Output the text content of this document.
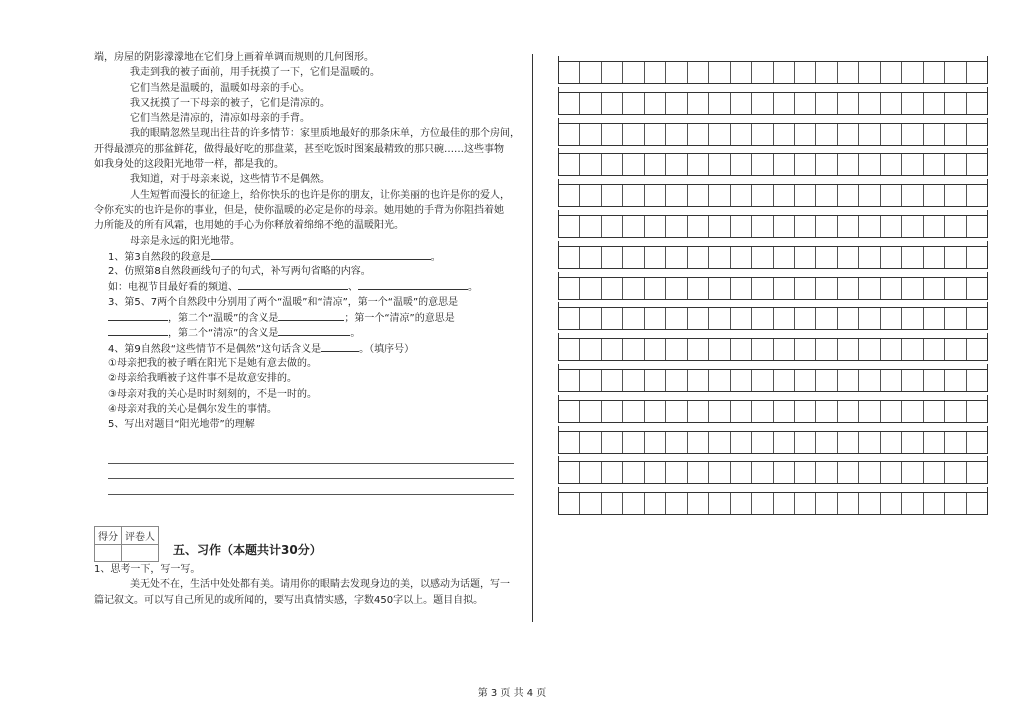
端，房屋的阴影濛濛地在它们身上画着单调而规则的几何图形。
我走到我的被子面前，用手抚摸了一下，它们是温暖的。
它们当然是温暖的，温暖如母亲的手心。
我又抚摸了一下母亲的被子，它们是清凉的。
它们当然是清凉的，清凉如母亲的手背。
我的眼睛忽然呈现出往昔的许多情节：家里质地最好的那条床单，方位最佳的那个房间，
开得最漂亮的那盆鲜花，做得最好吃的那盘菜，甚至吃饭时图案最精致的那只碗……这些事物
如我身处的这段阳光地带一样，都是我的。
我知道，对于母亲来说，这些情节不是偶然。
人生短暂而漫长的征途上，给你快乐的也许是你的朋友，让你美丽的也许是你的爱人，
令你充实的也许是你的事业，但是，使你温暖的必定是你的母亲。她用她的手背为你阻挡着她
力所能及的所有风霜，也用她的手心为你释放着绵绵不绝的温暖阳光。
母亲是永远的阳光地带。
1、第3自然段的段意是	。
2、仿照第8自然段画线句子的句式，补写两句省略的内容。
如：电视节目最好看的频道、	、	。
3、第5、7两个自然段中分别用了两个“温暖”和“清凉”，第一个“温暖”的意思是
，第二个“温暖”的含义是	；第一个“清凉”的意思是
，第二个“清凉”的含义是	。
4、第9自然段“这些情节不是偶然”这句话含义是	。（填序号）
①母亲把我的被子晒在阳光下是她有意去做的。
②母亲给我晒被子这件事不是故意安排的。
③母亲对我的关心是时时刻刻的，不是一时的。
④母亲对我的关心是偶尔发生的事情。
5、写出对题目“阳光地带”的理解
得分	评卷人

五、习作（本题共计30分）
1、思考一下，写一写。
美无处不在，生活中处处都有美。请用你的眼睛去发现身边的美，以感动为话题，写一
篇记叙文。可以写自己所见的或所闻的，要写出真情实感，字数450字以上。题目自拟。
第 3 页 共 4 页
